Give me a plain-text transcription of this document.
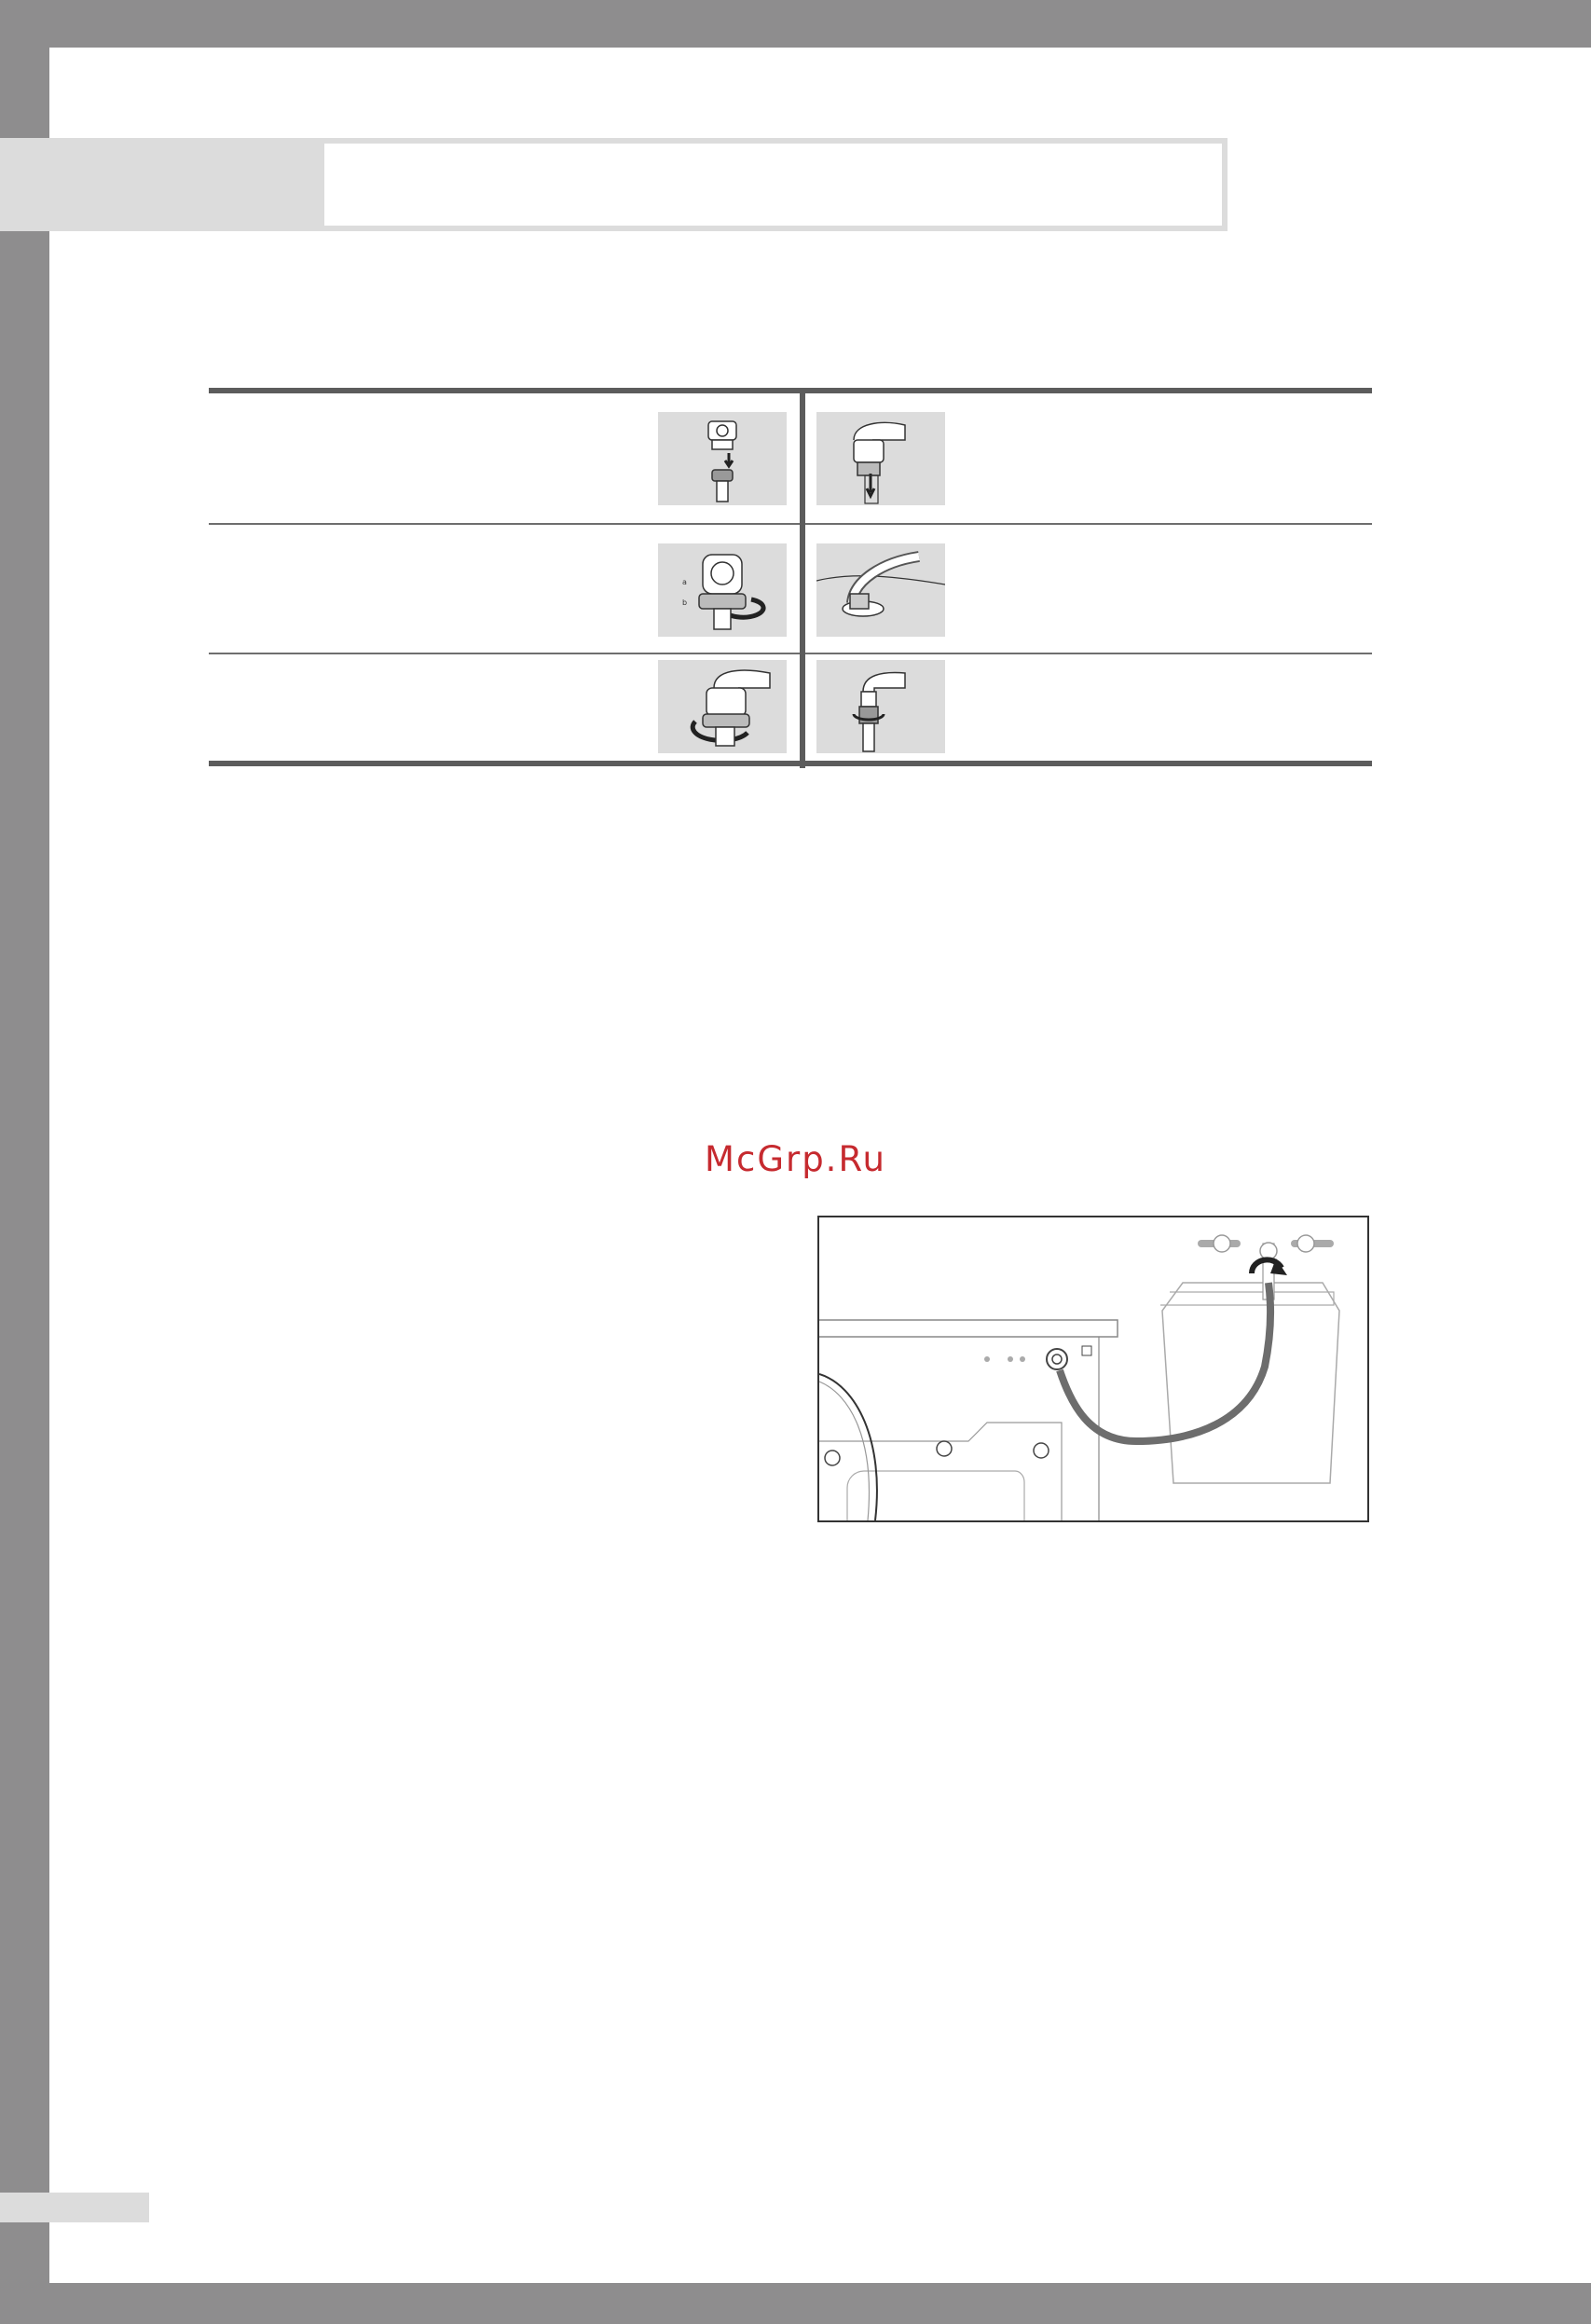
a
b
McGrp.Ru
